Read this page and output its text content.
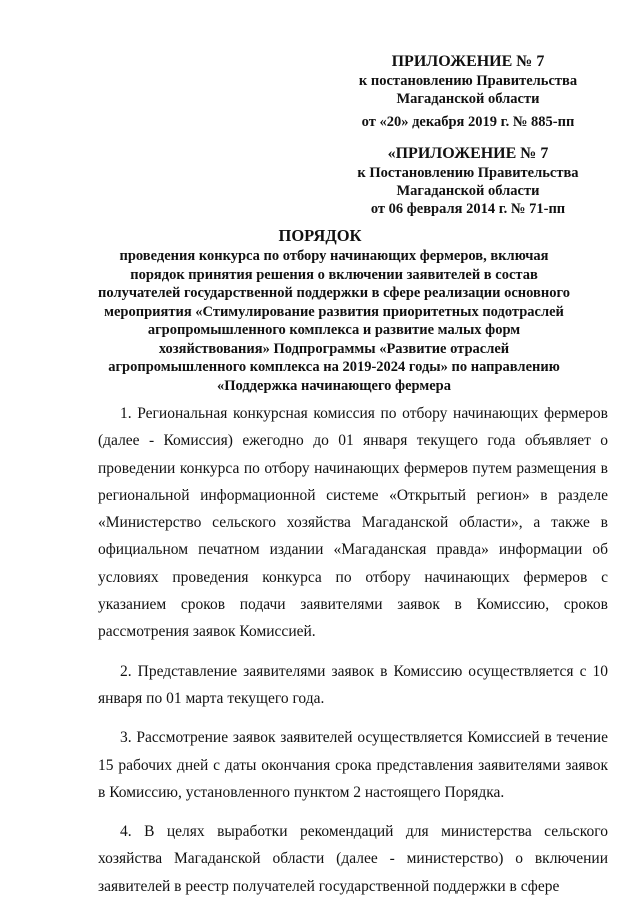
ПРИЛОЖЕНИЕ № 7
к постановлению Правительства
Магаданской области
от «20» декабря 2019 г. № 885-пп
«ПРИЛОЖЕНИЕ № 7
к Постановлению Правительства
Магаданской области
от 06 февраля 2014 г. № 71-пп
ПОРЯДОК
проведения конкурса по отбору начинающих фермеров, включая порядок принятия решения о включении заявителей в состав получателей государственной поддержки в сфере реализации основного мероприятия «Стимулирование развития приоритетных подотраслей агропромышленного комплекса и развитие малых форм хозяйствования» Подпрограммы «Развитие отраслей агропромышленного комплекса на 2019-2024 годы» по направлению «Поддержка начинающего фермера

1. Региональная конкурсная комиссия по отбору начинающих фермеров (далее - Комиссия) ежегодно до 01 января текущего года объявляет о проведении конкурса по отбору начинающих фермеров путем размещения в региональной информационной системе «Открытый регион» в разделе «Министерство сельского хозяйства Магаданской области», а также в официальном печатном издании «Магаданская правда» информации об условиях проведения конкурса по отбору начинающих фермеров с указанием сроков подачи заявителями заявок в Комиссию, сроков рассмотрения заявок Комиссией.

2. Представление заявителями заявок в Комиссию осуществляется с 10 января по 01 марта текущего года.

3. Рассмотрение заявок заявителей осуществляется Комиссией в течение 15 рабочих дней с даты окончания срока представления заявителями заявок в Комиссию, установленного пунктом 2 настоящего Порядка.

4. В целях выработки рекомендаций для министерства сельского хозяйства Магаданской области (далее - министерство) о включении заявителей в реестр получателей государственной поддержки в сфере
